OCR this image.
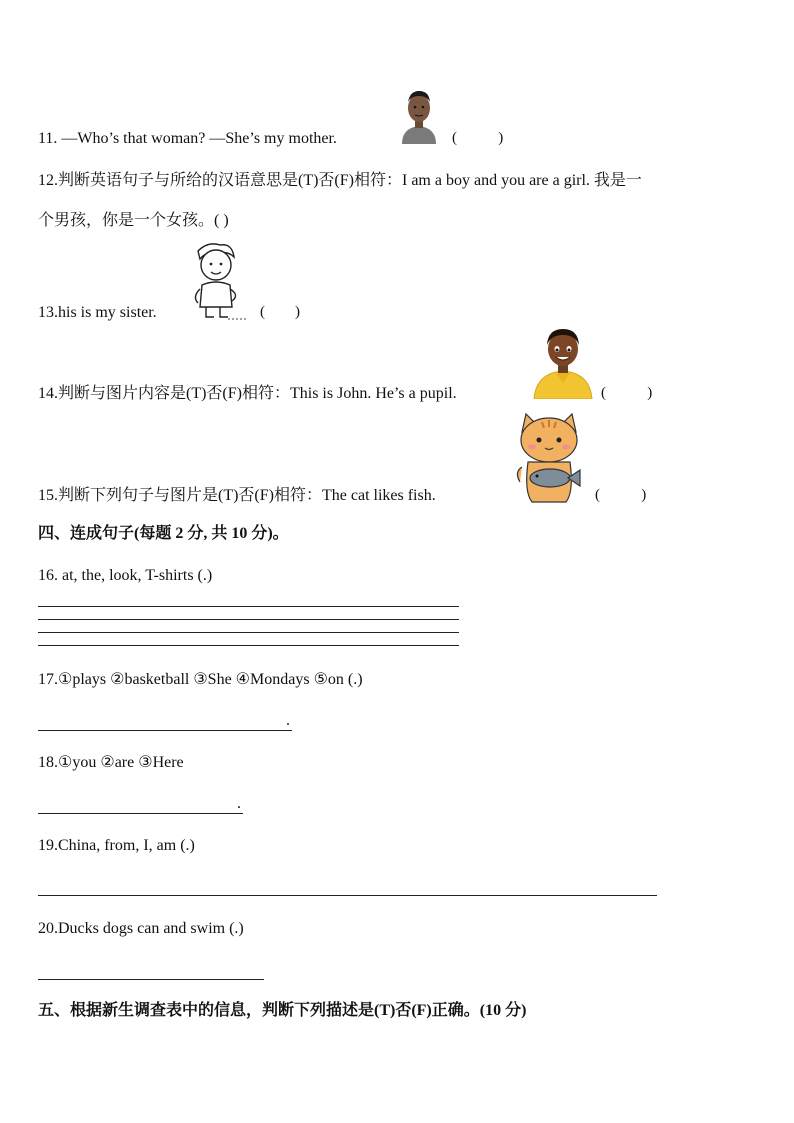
11. —Who’s that woman? —She’s my mother.	(           )
12.判断英语句子与所给的汉语意思是(T)否(F)相符：I am a boy and you are a girl. 我是一
个男孩，你是一个女孩。( )
13.his is my sister.	(        )
14.判断与图片内容是(T)否(F)相符：This is John. He’s a pupil.	(           )
15.判断下列句子与图片是(T)否(F)相符：The cat likes fish.	(           )
四、连成句子(每题 2 分, 共 10 分)。
16. at, the, look, T-shirts (.)
17.①plays ②basketball ③She ④Mondays ⑤on (.)
.
18.①you ②are ③Here
.
19.China, from, I, am (.)
20.Ducks dogs can and swim (.)
五、根据新生调查表中的信息，判断下列描述是(T)否(F)正确。(10 分)
